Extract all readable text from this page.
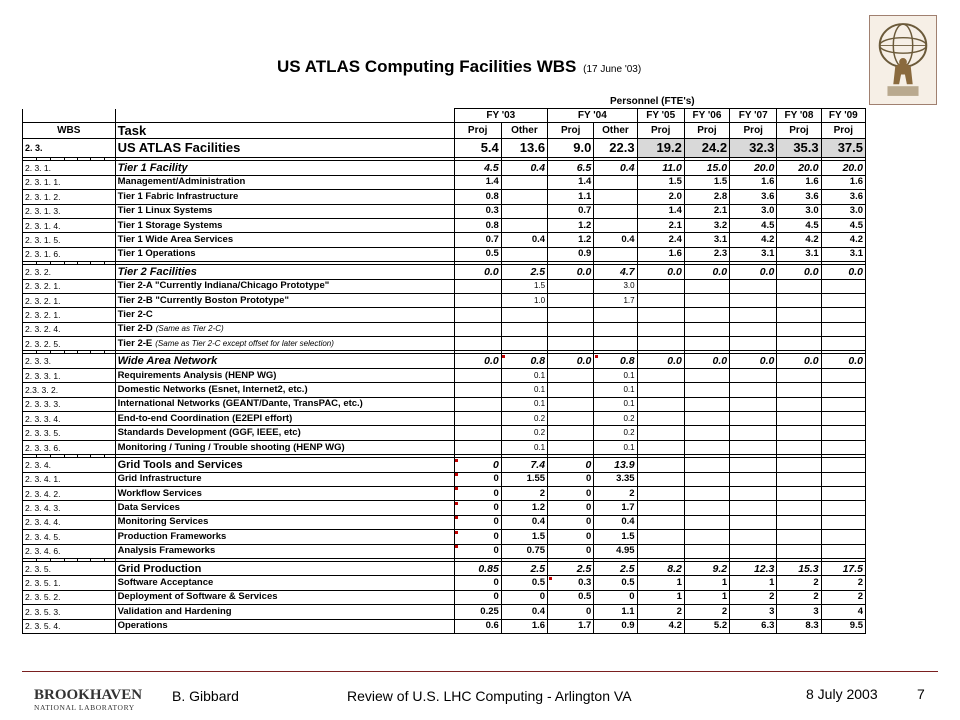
US ATLAS Computing Facilities WBS (17 June '03)
Personnel (FTE's)
								FY '03		FY '04		FY '05	FY '06	FY '07	FY '08	FY '09
WBS							Task	Proj	Other	Proj	Other	Proj	Proj	Proj	Proj	Proj
2. 3.							US ATLAS Facilities	5.4	13.6	9.0	22.3	19.2	24.2	32.3	35.3	37.5

2. 3. 1.							Tier 1 Facility	4.5	0.4	6.5	0.4	11.0	15.0	20.0	20.0	20.0
2. 3. 1. 1.							Management/Administration	1.4		1.4		1.5	1.5	1.6	1.6	1.6
2. 3. 1. 2.							Tier 1 Fabric Infrastructure	0.8		1.1		2.0	2.8	3.6	3.6	3.6
2. 3. 1. 3.							Tier 1 Linux Systems	0.3		0.7		1.4	2.1	3.0	3.0	3.0
2. 3. 1. 4.							Tier 1 Storage Systems	0.8		1.2		2.1	3.2	4.5	4.5	4.5
2. 3. 1. 5.							Tier 1 Wide Area Services	0.7	0.4	1.2	0.4	2.4	3.1	4.2	4.2	4.2
2. 3. 1. 6.							Tier 1 Operations	0.5		0.9		1.6	2.3	3.1	3.1	3.1

2. 3. 2.							Tier 2 Facilities	0.0	2.5	0.0	4.7	0.0	0.0	0.0	0.0	0.0
2. 3. 2. 1.							Tier 2-A "Currently Indiana/Chicago Prototype"		1.5		3.0					
2. 3. 2. 1.							Tier 2-B "Currently Boston Prototype"		1.0		1.7					
2. 3. 2. 1.							Tier 2-C									
2. 3. 2. 4.							Tier 2-D (Same as Tier 2-C)									
2. 3. 2. 5.							Tier 2-E (Same as Tier 2-C except offset for later selection)									

2. 3. 3.							Wide Area Network	0.0	0.8	0.0	0.8	0.0	0.0	0.0	0.0	0.0
2. 3. 3. 1.							Requirements Analysis (HENP WG)		0.1		0.1					
2.3. 3. 2.							Domestic Networks (Esnet, Internet2, etc.)		0.1		0.1					
2. 3. 3. 3.							International Networks (GEANT/Dante, TransPAC, etc.)		0.1		0.1					
2. 3. 3. 4.							End-to-end Coordination (E2EPI effort)		0.2		0.2					
2. 3. 3. 5.							Standards Development (GGF, IEEE, etc)		0.2		0.2					
2. 3. 3. 6.							Monitoring / Tuning / Trouble shooting (HENP WG)		0.1		0.1					

2. 3. 4.							Grid Tools and Services	0	7.4	0	13.9					
2. 3. 4. 1.							Grid Infrastructure	0	1.55	0	3.35					
2. 3. 4. 2.							Workflow Services	0	2	0	2					
2. 3. 4. 3.							Data Services	0	1.2	0	1.7					
2. 3. 4. 4.							Monitoring Services	0	0.4	0	0.4					
2. 3. 4. 5.							Production Frameworks	0	1.5	0	1.5					
2. 3. 4. 6.							Analysis Frameworks	0	0.75	0	4.95					

2. 3. 5.							Grid Production	0.85	2.5	2.5	2.5	8.2	9.2	12.3	15.3	17.5
2. 3. 5. 1.							Software Acceptance	0	0.5	0.3	0.5	1	1	1	2	2
2. 3. 5. 2.							Deployment of Software & Services	0	0	0.5	0	1	1	2	2	2
2. 3. 5. 3.							Validation and Hardening	0.25	0.4	0	1.1	2	2	3	3	4
2. 3. 5. 4.							Operations	0.6	1.6	1.7	0.9	4.2	5.2	6.3	8.3	9.5
BROOKHAVEN
NATIONAL LABORATORY
B. Gibbard	Review of U.S. LHC Computing - Arlington VA	8 July 2003	7
